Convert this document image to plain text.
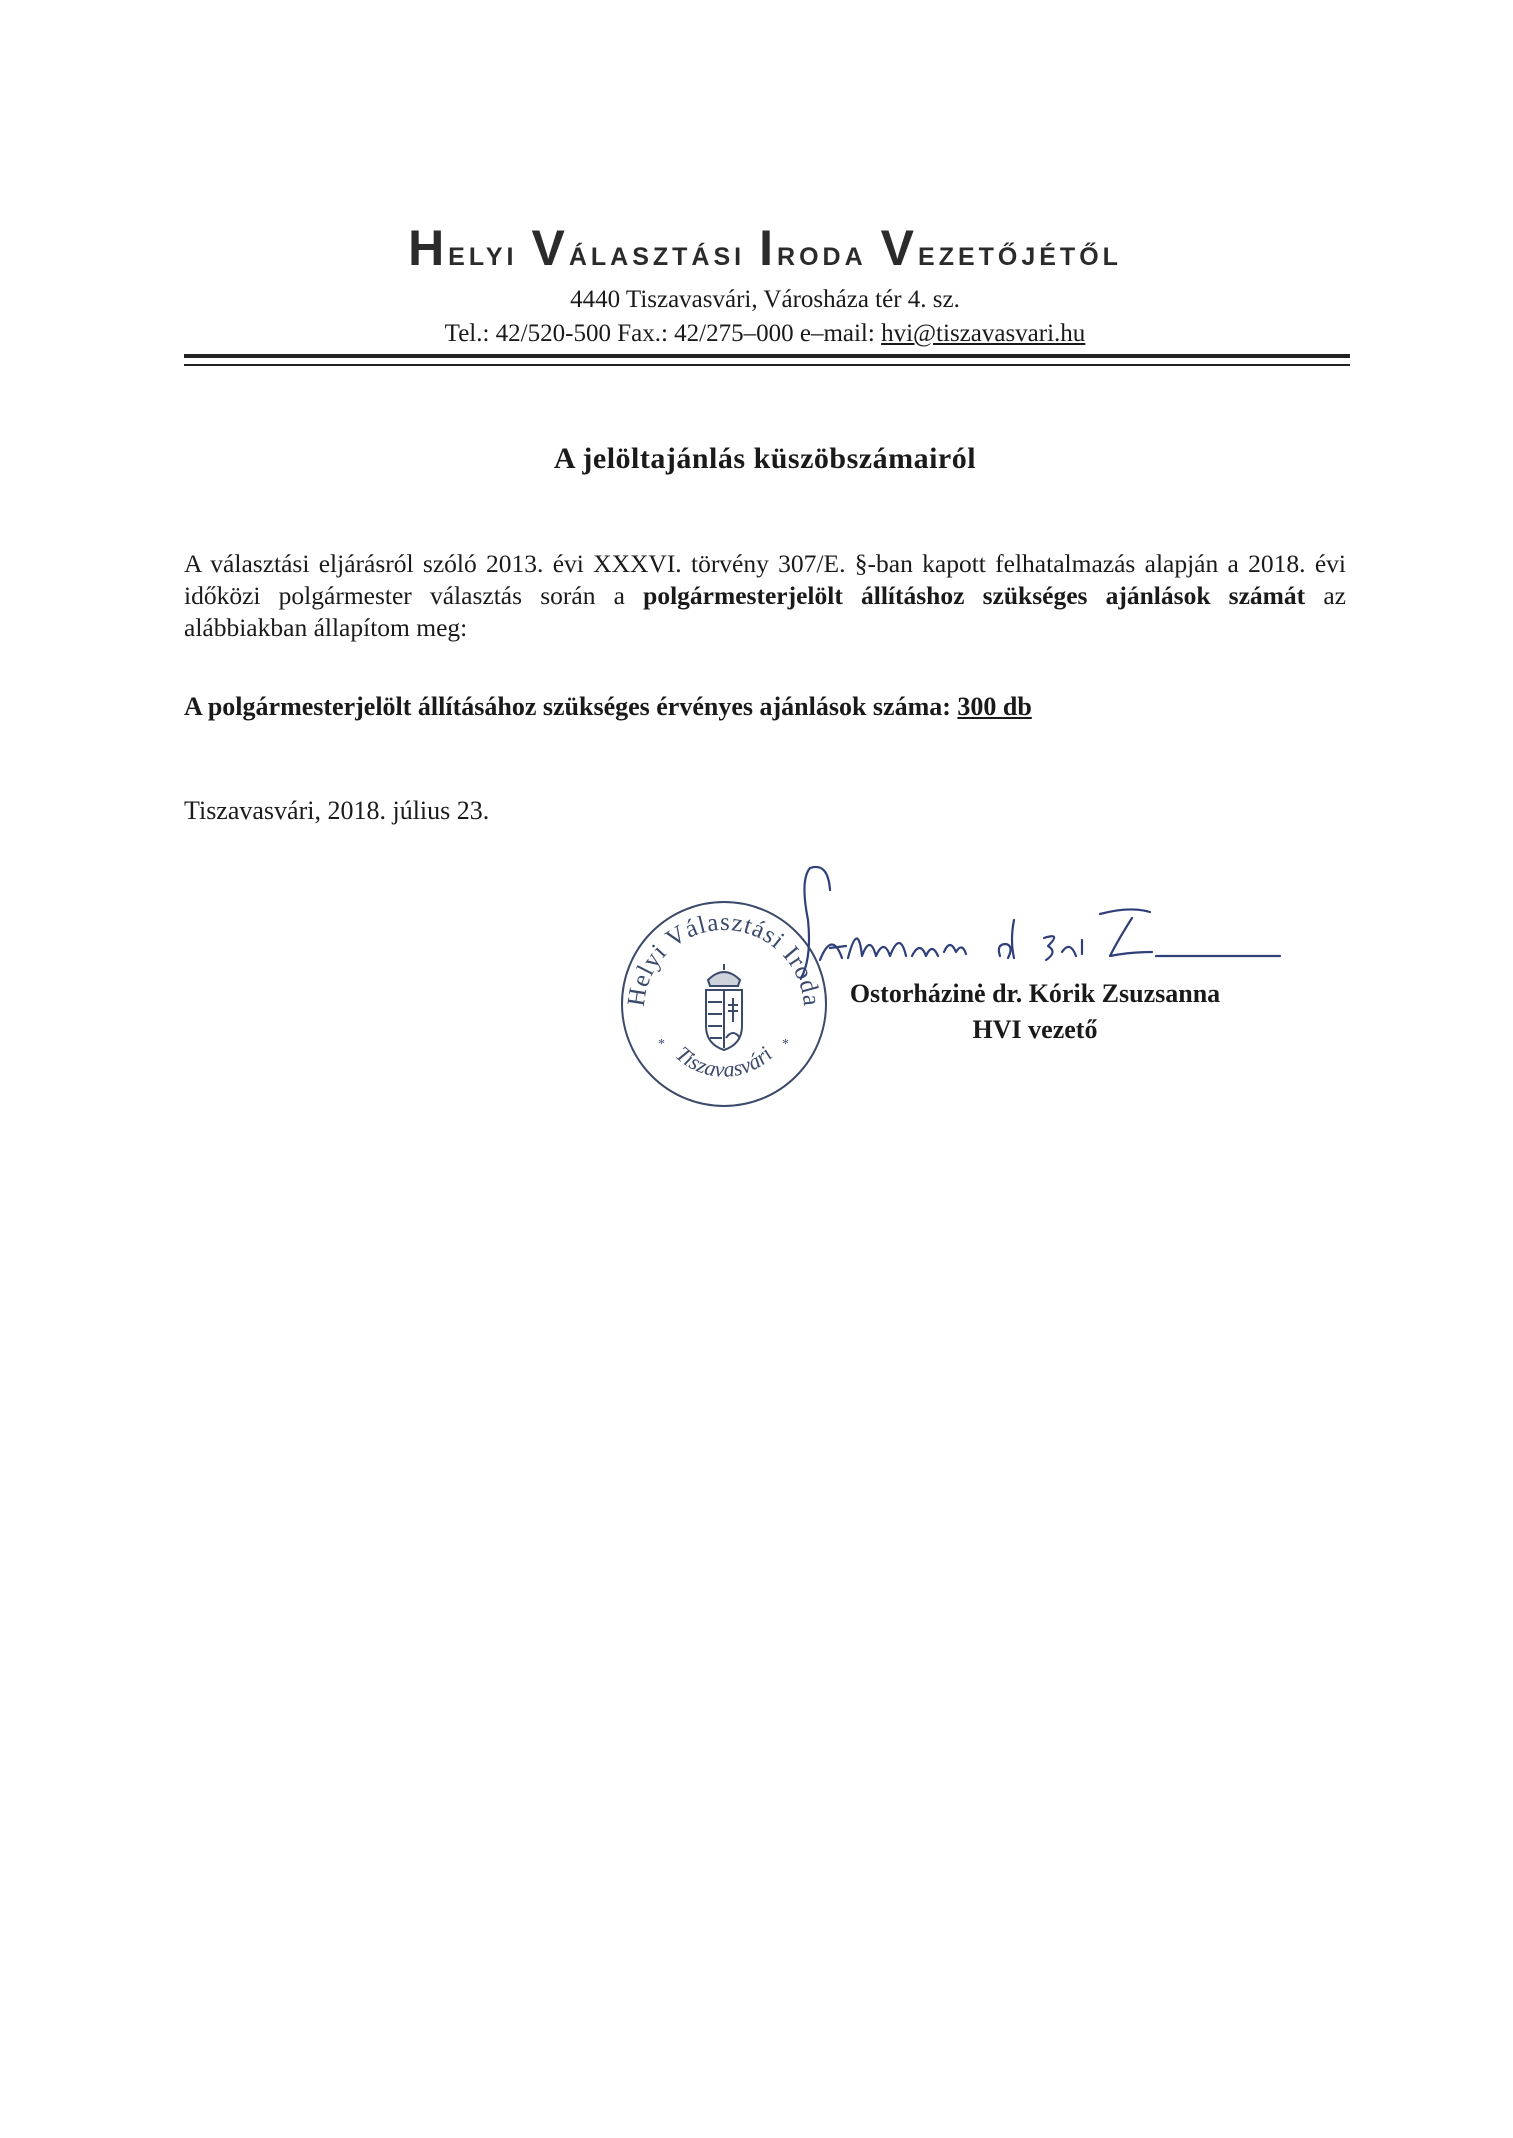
Helyi Választási Iroda Vezetőjétől
4440 Tiszavasvári, Városháza tér 4. sz.
Tel.: 42/520-500 Fax.: 42/275–000 e–mail: hvi@tiszavasvari.hu
A jelöltajánlás küszöbszámairól
A választási eljárásról szóló 2013. évi XXXVI. törvény 307/E. §-ban kapott felhatalmazás alapján a 2018. évi időközi polgármester választás során a polgármesterjelölt állításhoz szükséges ajánlások számát az alábbiakban állapítom meg:
A polgármesterjelölt állításához szükséges érvényes ajánlások száma: 300 db
Tiszavasvári, 2018. július 23.
Helyi Választási Iroda
Tiszavasvári
*	*
Ostorházinė dr. Kórik Zsuzsanna
HVI vezető
